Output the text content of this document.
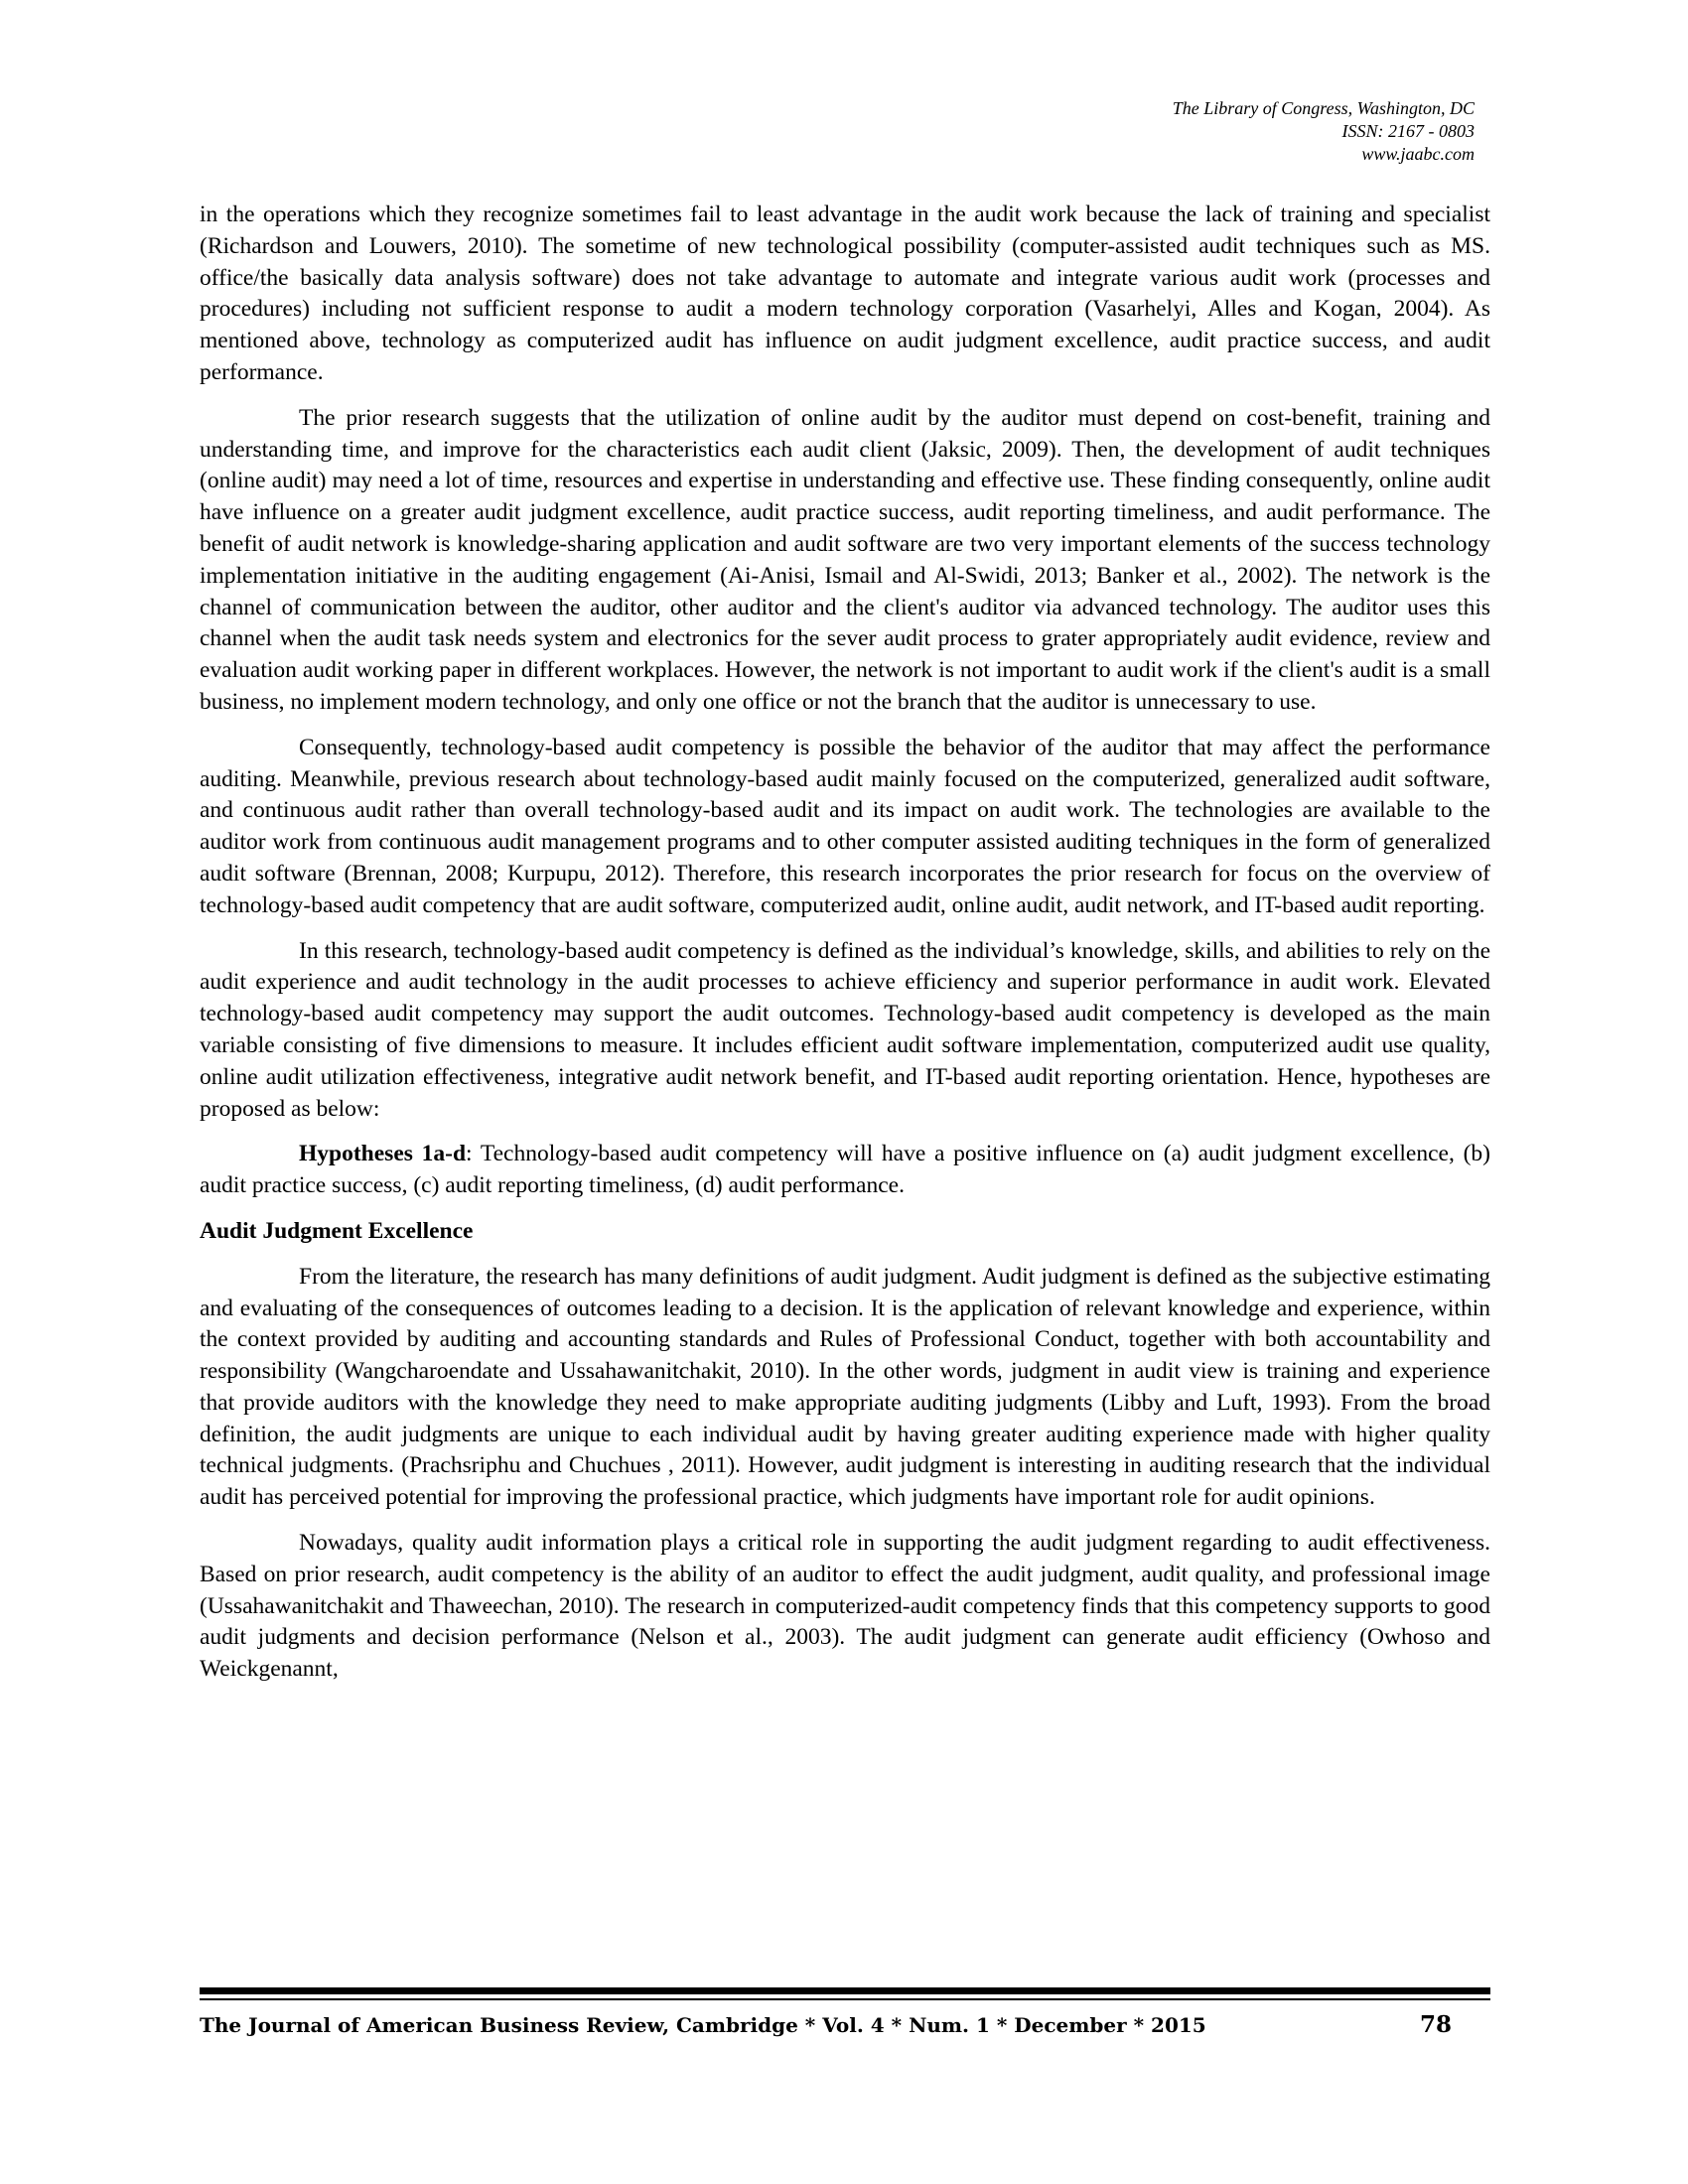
The Library of Congress, Washington, DC
ISSN: 2167 - 0803
www.jaabc.com

in the operations which they recognize sometimes fail to least advantage in the audit work because the lack of training and specialist (Richardson and Louwers, 2010). The sometime of new technological possibility (computer-assisted audit techniques such as MS. office/the basically data analysis software) does not take advantage to automate and integrate various audit work (processes and procedures) including not sufficient response to audit a modern technology corporation (Vasarhelyi, Alles and Kogan, 2004). As mentioned above, technology as computerized audit has influence on audit judgment excellence, audit practice success, and audit performance.

The prior research suggests that the utilization of online audit by the auditor must depend on cost-benefit, training and understanding time, and improve for the characteristics each audit client (Jaksic, 2009). Then, the development of audit techniques (online audit) may need a lot of time, resources and expertise in understanding and effective use. These finding consequently, online audit have influence on a greater audit judgment excellence, audit practice success, audit reporting timeliness, and audit performance. The benefit of audit network is knowledge-sharing application and audit software are two very important elements of the success technology implementation initiative in the auditing engagement (Ai-Anisi, Ismail and Al-Swidi, 2013; Banker et al., 2002). The network is the channel of communication between the auditor, other auditor and the client's auditor via advanced technology. The auditor uses this channel when the audit task needs system and electronics for the sever audit process to grater appropriately audit evidence, review and evaluation audit working paper in different workplaces. However, the network is not important to audit work if the client's audit is a small business, no implement modern technology, and only one office or not the branch that the auditor is unnecessary to use.

Consequently, technology-based audit competency is possible the behavior of the auditor that may affect the performance auditing. Meanwhile, previous research about technology-based audit mainly focused on the computerized, generalized audit software, and continuous audit rather than overall technology-based audit and its impact on audit work. The technologies are available to the auditor work from continuous audit management programs and to other computer assisted auditing techniques in the form of generalized audit software (Brennan, 2008; Kurpupu, 2012). Therefore, this research incorporates the prior research for focus on the overview of technology-based audit competency that are audit software, computerized audit, online audit, audit network, and IT-based audit reporting.

In this research, technology-based audit competency is defined as the individual’s knowledge, skills, and abilities to rely on the audit experience and audit technology in the audit processes to achieve efficiency and superior performance in audit work. Elevated technology-based audit competency may support the audit outcomes. Technology-based audit competency is developed as the main variable consisting of five dimensions to measure. It includes efficient audit software implementation, computerized audit use quality, online audit utilization effectiveness, integrative audit network benefit, and IT-based audit reporting orientation. Hence, hypotheses are proposed as below:

Hypotheses 1a-d: Technology-based audit competency will have a positive influence on (a) audit judgment excellence, (b) audit practice success, (c) audit reporting timeliness, (d) audit performance.

Audit Judgment Excellence

From the literature, the research has many definitions of audit judgment. Audit judgment is defined as the subjective estimating and evaluating of the consequences of outcomes leading to a decision. It is the application of relevant knowledge and experience, within the context provided by auditing and accounting standards and Rules of Professional Conduct, together with both accountability and responsibility (Wangcharoendate and Ussahawanitchakit, 2010). In the other words, judgment in audit view is training and experience that provide auditors with the knowledge they need to make appropriate auditing judgments (Libby and Luft, 1993). From the broad definition, the audit judgments are unique to each individual audit by having greater auditing experience made with higher quality technical judgments. (Prachsriphu and Chuchues , 2011). However, audit judgment is interesting in auditing research that the individual audit has perceived potential for improving the professional practice, which judgments have important role for audit opinions.

Nowadays, quality audit information plays a critical role in supporting the audit judgment regarding to audit effectiveness. Based on prior research, audit competency is the ability of an auditor to effect the audit judgment, audit quality, and professional image (Ussahawanitchakit and Thaweechan, 2010). The research in computerized-audit competency finds that this competency supports to good audit judgments and decision performance (Nelson et al., 2003). The audit judgment can generate audit efficiency (Owhoso and Weickgenannt,

The Journal of American Business Review, Cambridge * Vol. 4 * Num. 1 * December * 2015	78
